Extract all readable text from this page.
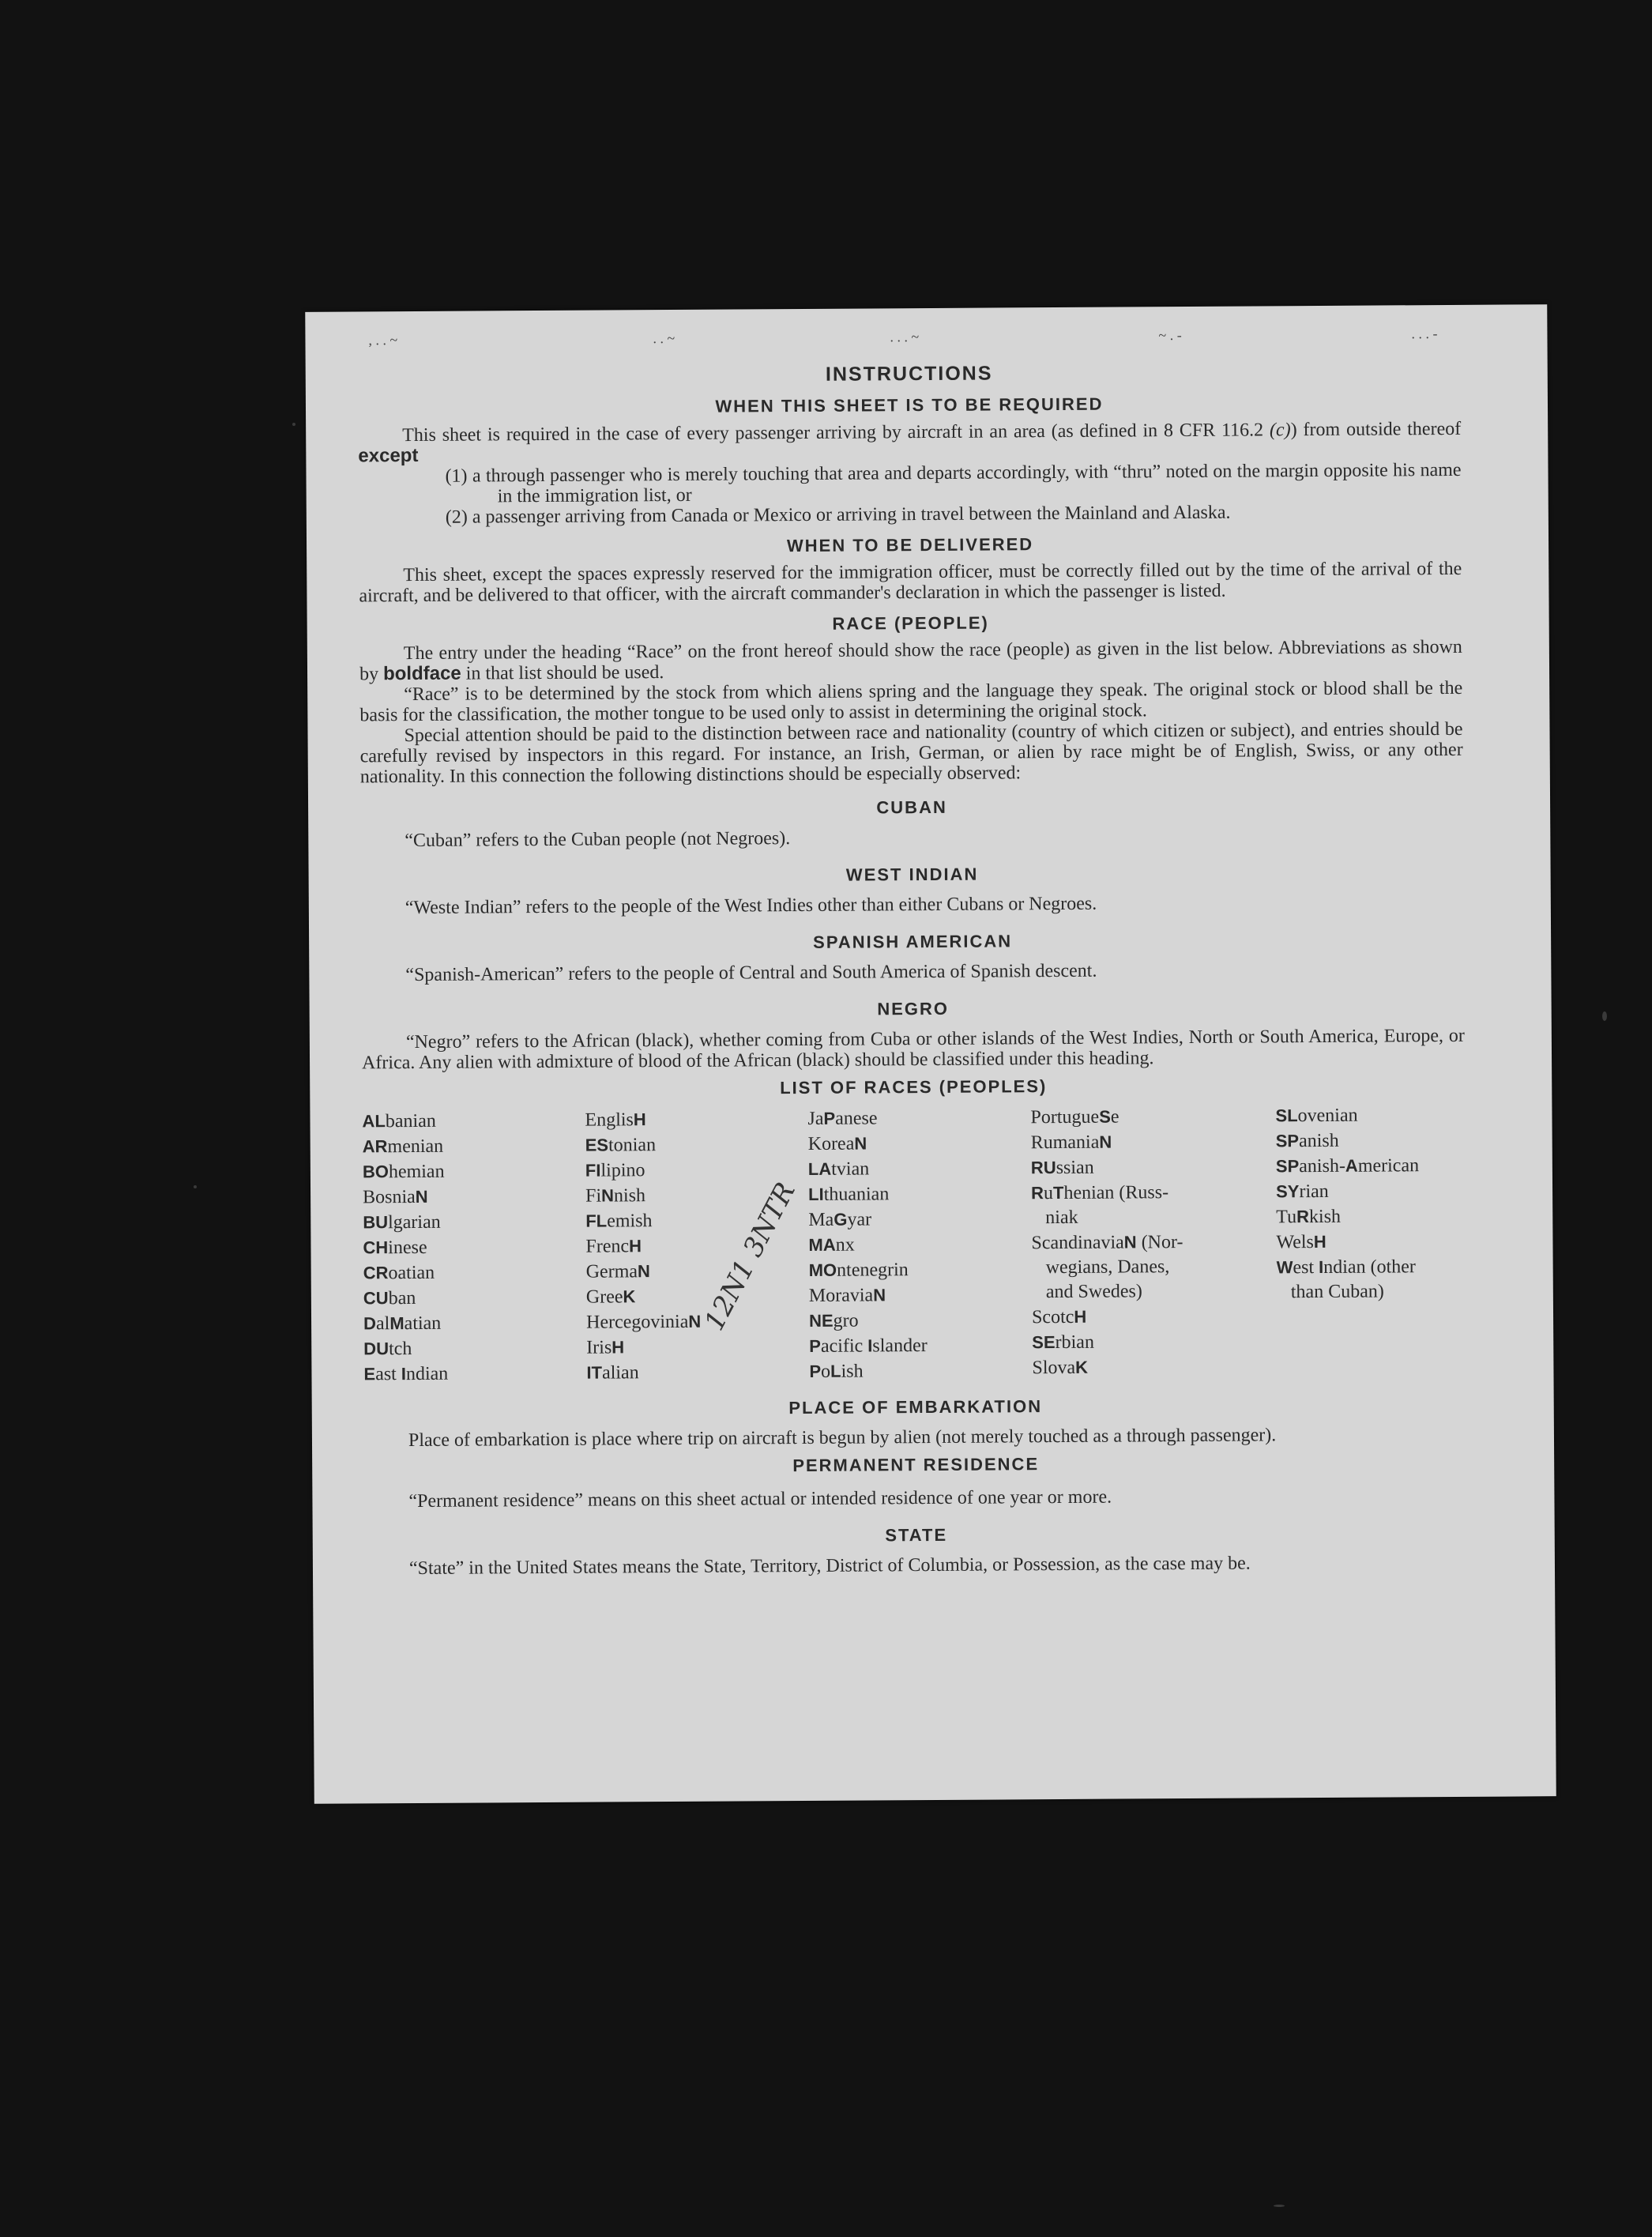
, . . ~	. . ~	. . . ~	~ . -	. . . -

INSTRUCTIONS

WHEN THIS SHEET IS TO BE REQUIRED

This sheet is required in the case of every passenger arriving by aircraft in an area (as defined in 8 CFR 116.2 (c)) from outside thereof except

(1) a through passenger who is merely touching that area and departs accordingly, with “thru” noted on the margin opposite his name in the immigration list, or

(2) a passenger arriving from Canada or Mexico or arriving in travel between the Mainland and Alaska.

WHEN TO BE DELIVERED

This sheet, except the spaces expressly reserved for the immigration officer, must be correctly filled out by the time of the arrival of the aircraft, and be delivered to that officer, with the aircraft commander's declaration in which the passenger is listed.

RACE (PEOPLE)

The entry under the heading “Race” on the front hereof should show the race (people) as given in the list below. Abbreviations as shown by boldface in that list should be used.

“Race” is to be determined by the stock from which aliens spring and the language they speak. The original stock or blood shall be the basis for the classification, the mother tongue to be used only to assist in determining the original stock.

Special attention should be paid to the distinction between race and nationality (country of which citizen or subject), and entries should be carefully revised by inspectors in this regard. For instance, an Irish, German, or alien by race might be of English, Swiss, or any other nationality. In this connection the following distinctions should be especially observed:

CUBAN

“Cuban” refers to the Cuban people (not Negroes).

WEST INDIAN

“Weste Indian” refers to the people of the West Indies other than either Cubans or Negroes.

SPANISH AMERICAN

“Spanish-American” refers to the people of Central and South America of Spanish descent.

NEGRO

“Negro” refers to the African (black), whether coming from Cuba or other islands of the West Indies, North or South America, Europe, or Africa. Any alien with admixture of blood of the African (black) should be classified under this heading.

LIST OF RACES (PEOPLES)

ALbanian
ARmenian
BOhemian
BosniaN
BUlgarian
CHinese
CRoatian
CUban
DalMatian
DUtch
East Indian
EnglisH
EStonian
FIlipino
FiNnish
FLemish
FrencH
GermaN
GreeK
HercegoviniaN
IrisH
ITalian
JaPanese
KoreaN
LAtvian
LIthuanian
MaGyar
MAnx
MOntenegrin
MoraviaN
NEgro
Pacific Islander
PoLish
PortugueSe
RumaniaN
RUssian
RuThenian (Russ-
niak
ScandinaviaN (Nor-
wegians, Danes,
and Swedes)
ScotcH
SErbian
SlovaK
SLovenian
SPanish
SPanish-American
SYrian
TuRkish
WelsH
West Indian (other
than Cuban)

PLACE OF EMBARKATION

Place of embarkation is place where trip on aircraft is begun by alien (not merely touched as a through passenger).

PERMANENT RESIDENCE

“Permanent residence” means on this sheet actual or intended residence of one year or more.

STATE

“State” in the United States means the State, Territory, District of Columbia, or Possession, as the case may be.

12N1 3NTR
